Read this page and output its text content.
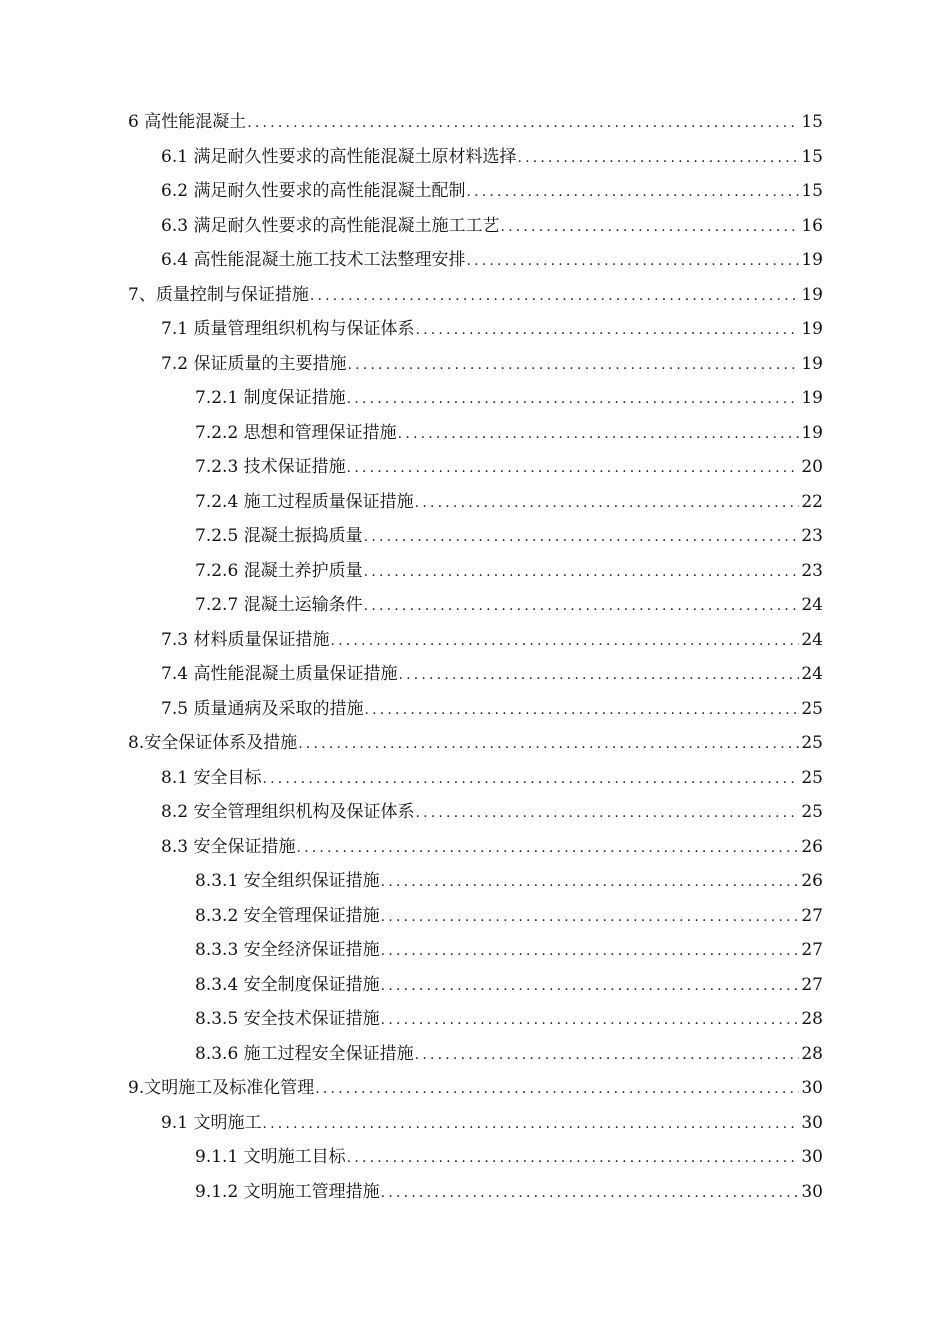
6 高性能混凝土 .....	15
6.1 满足耐久性要求的高性能混凝土原材料选择 .....	15
6.2 满足耐久性要求的高性能混凝土配制 .....	15
6.3 满足耐久性要求的高性能混凝土施工工艺 .....	16
6.4 高性能混凝土施工技术工法整理安排 .....	19
7、质量控制与保证措施 .....	19
7.1 质量管理组织机构与保证体系 .....	19
7.2 保证质量的主要措施 .....	19
7.2.1 制度保证措施 .....	19
7.2.2 思想和管理保证措施 .....	19
7.2.3 技术保证措施 .....	20
7.2.4 施工过程质量保证措施 .....	22
7.2.5 混凝土振捣质量 .....	23
7.2.6 混凝土养护质量 .....	23
7.2.7 混凝土运输条件 .....	24
7.3 材料质量保证措施 .....	24
7.4 高性能混凝土质量保证措施 .....	24
7.5 质量通病及采取的措施 .....	25
8.安全保证体系及措施 .....	25
8.1 安全目标 .....	25
8.2 安全管理组织机构及保证体系 .....	25
8.3 安全保证措施 .....	26
8.3.1 安全组织保证措施 .....	26
8.3.2 安全管理保证措施 .....	27
8.3.3 安全经济保证措施 .....	27
8.3.4 安全制度保证措施 .....	27
8.3.5 安全技术保证措施 .....	28
8.3.6 施工过程安全保证措施 .....	28
9.文明施工及标准化管理 .....	30
9.1 文明施工 .....	30
9.1.1 文明施工目标 .....	30
9.1.2 文明施工管理措施 .....	30
